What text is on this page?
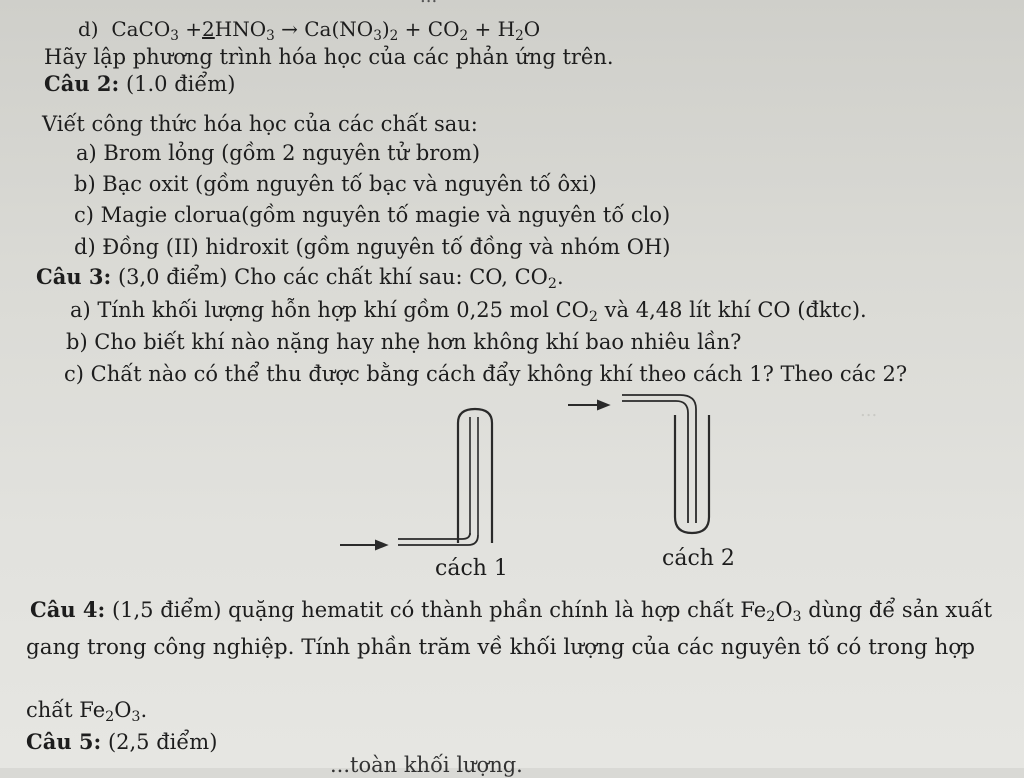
...
d) CaCO$_3$ $+2HNO_3 \to Ca(NO_3)_2 + CO_2 + H_2O$
Hãy lập phương trình hóa học của các phản ứng trên.
Câu 2: (1.0 điểm)
Viết công thức hóa học của các chất sau:
a) Brom lỏng (gồm 2 nguyên tử brom)
b) Bạc oxit (gồm nguyên tố bạc và nguyên tố ôxi)
c) Magie clorua(gồm nguyên tố magie và nguyên tố clo)
d) Đồng (II) hidroxit (gồm nguyên tố đồng và nhóm OH)
Câu 3: (3,0 điểm) Cho các chất khí sau: CO, $CO_2$.
a) Tính khối lượng hỗn hợp khí gồm 0,25 mol $CO_2$ và 4,48 lít khí CO (đktc).
b) Cho biết khí nào nặng hay nhẹ hơn không khí bao nhiêu lần?
c) Chất nào có thể thu được bằng cách đẩy không khí theo cách 1? Theo các 2?
cách 1	cách 2
Câu 4: (1,5 điểm) quặng hematit có thành phần chính là hợp chất $Fe_2O_3$ dùng để sản xuất
gang trong công nghiệp. Tính phần trăm về khối lượng của các nguyên tố có trong hợp
chất $Fe_2O_3$.
Câu 5: (2,5 điểm)
...toàn khối lượng.
